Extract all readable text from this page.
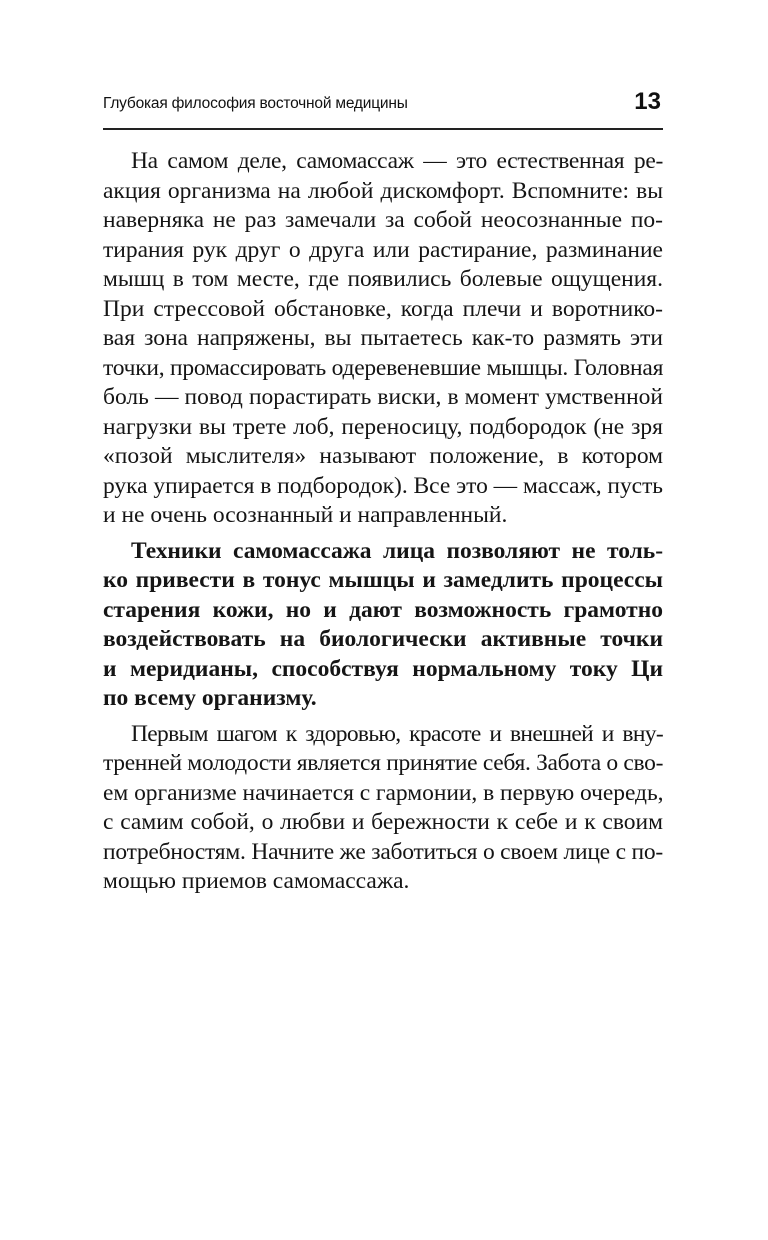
Глубокая философия восточной медицины	13

На самом деле, самомассаж — это естественная ре-
акция организма на любой дискомфорт. Вспомните: вы
наверняка не раз замечали за собой неосознанные по-
тирания рук друг о друга или растирание, разминание
мышц в том месте, где появились болевые ощущения.
При стрессовой обстановке, когда плечи и воротнико-
вая зона напряжены, вы пытаетесь как-то размять эти
точки, промассировать одеревеневшие мышцы. Головная
боль — повод порастирать виски, в момент умственной
нагрузки вы трете лоб, переносицу, подбородок (не зря
«позой мыслителя» называют положение, в котором
рука упирается в подбородок). Все это — массаж, пусть
и не очень осознанный и направленный.

Техники самомассажа лица позволяют не толь-
ко привести в тонус мышцы и замедлить процессы
старения кожи, но и дают возможность грамотно
воздействовать на биологически активные точки
и меридианы, способствуя нормальному току Ци
по всему организму.

Первым шагом к здоровью, красоте и внешней и вну-
тренней молодости является принятие себя. Забота о сво-
ем организме начинается с гармонии, в первую очередь,
с самим собой, о любви и бережности к себе и к своим
потребностям. Начните же заботиться о своем лице с по-
мощью приемов самомассажа.
